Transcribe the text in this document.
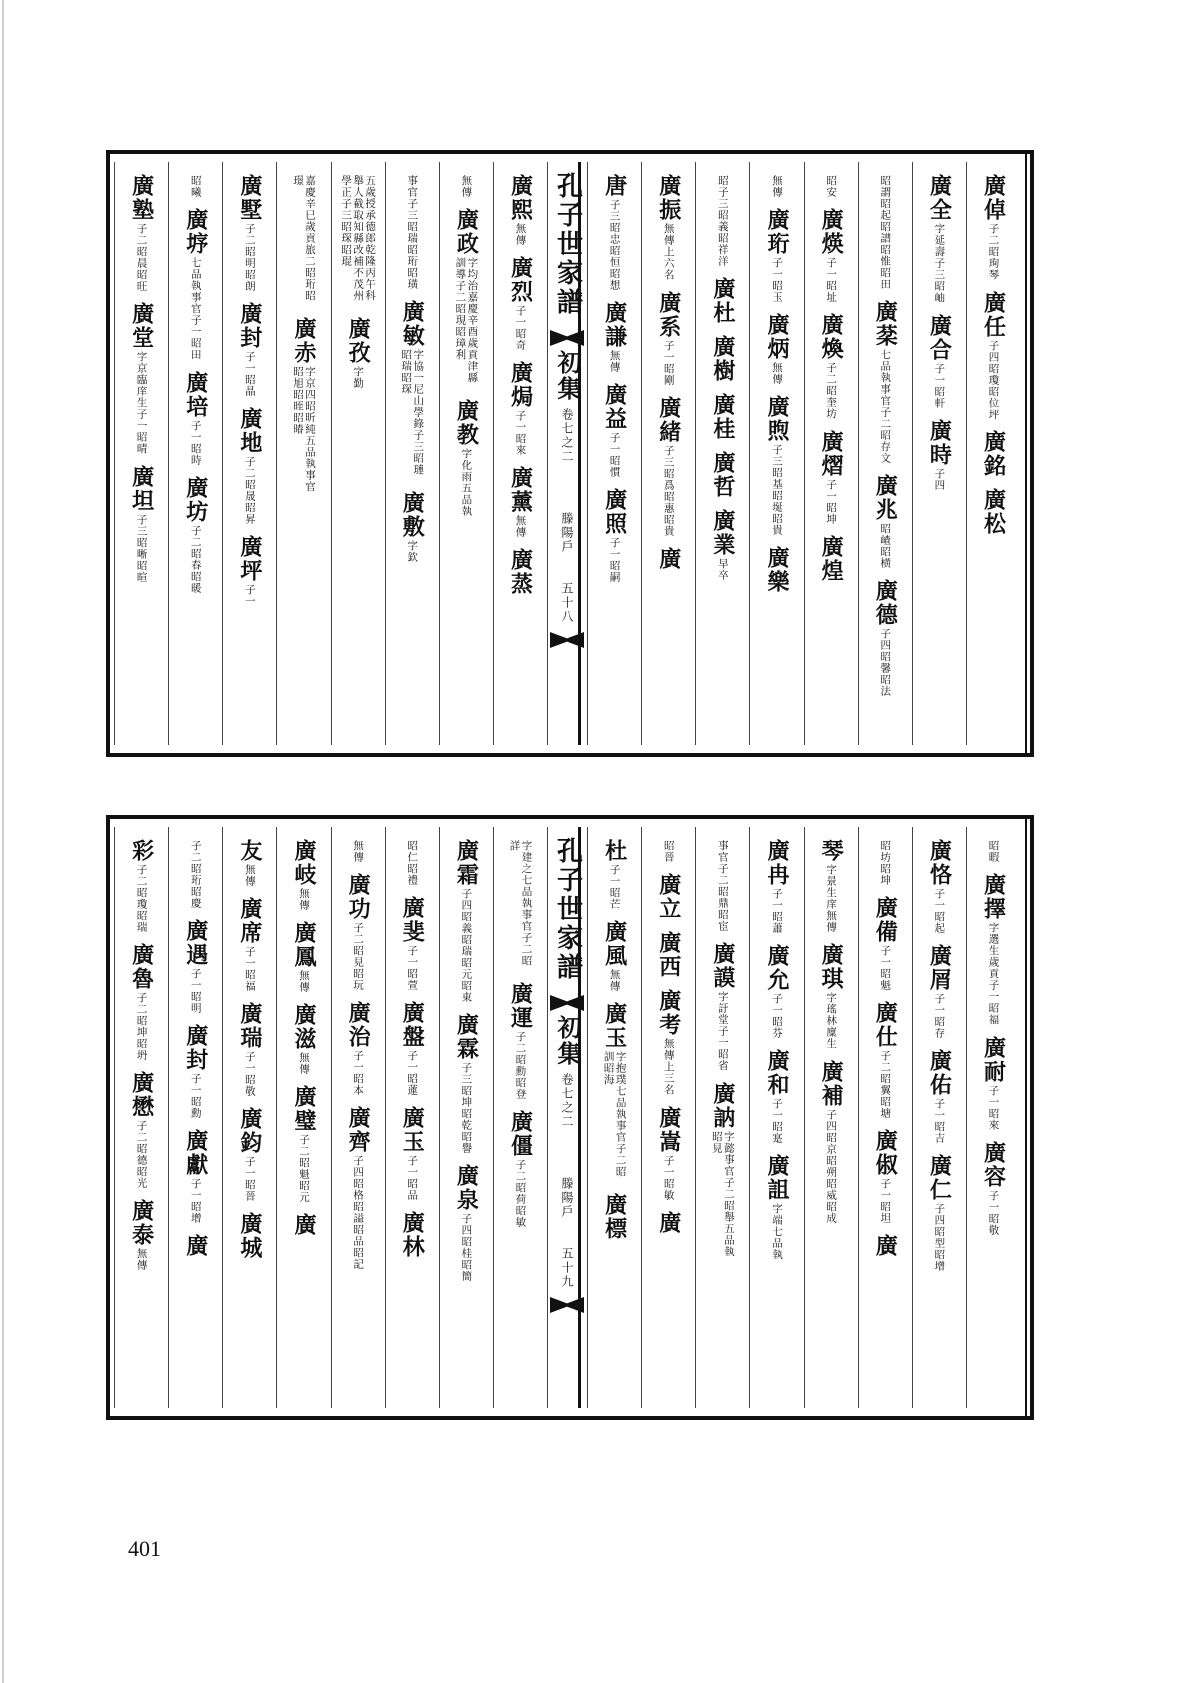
廣倬
子二昭珣琴
廣任
子四昭瓊昭位坪
廣銘
廣松
廣全
字延壽子三昭岫
廣合
子一昭軒
廣時
子四
昭謂昭起昭譜昭惟昭田
廣棻
七品執事官子二昭存文
廣兆
昭嵖昭横
廣德
子四昭馨昭法
昭安
廣煐
子一昭址
廣煥
子二昭奎坊
廣熠
子一昭坤
廣煌
無傳
廣珩
子一昭玉
廣炳
無傳
廣煦
子三昭基昭埏昭貴
廣樂
昭子三昭義昭祥洋
廣杜
廣樹
廣桂
廣哲
廣業
早卒
廣振
無傳上六名
廣系
子一昭剛
廣緒
子三昭爲昭惠昭貴
廣
唐
子三昭忠昭恒昭想
廣謙
無傳
廣益
子一昭慣
廣照
子一昭嗣
孔子世家譜
初集
卷七之二
滕陽戶
五十八
廣熙
無傳
廣烈
子一昭奇
廣焗
子一昭來
廣薰
無傳
廣蒸
無傳
廣政
字均治嘉慶辛酉歲貢津縣訓導子二昭現昭璋利
廣教
字化雨五品執
事官子三昭瑞昭珩昭璜
廣敏
字協一尼山學錄子三昭璉昭瑞昭琛
廣敷
字欽
五歲授承德郎乾隆丙午科舉人截取知縣改補不茂州學正子三昭琛昭琨
廣孜
字勤
嘉慶辛巳歲貢旅二昭珩昭璟
廣赤
字京四昭昕純五品執事官昭旭昭晊昭暙
廣墅
子二昭明昭朗
廣封
子一昭晶
廣地
子二昭晟昭昇
廣坪
子一
昭曦
廣垿
七品執事官子一昭田
廣培
子一昭時
廣坊
子二昭春昭暖
廣塾
子二昭晨昭旺
廣堂
字京臨庠生子一昭晴
廣坦
子三昭晰昭暄
昭暇
廣擇
字選生歲貢子一昭福
廣耐
子一昭來
廣容
子一昭敬
廣恪
子一昭起
廣屑
子一昭存
廣佑
子一昭吉
廣仁
子四昭型昭增
昭坊昭坤
廣備
子一昭魁
廣仕
子二昭翼昭塘
廣俶
子一昭坦
廣
琴
字景生庠無傳
廣琪
字瑤林廩生
廣補
子四昭京昭朔昭威昭成
廣冉
子一昭蕭
廣允
子一昭芬
廣和
子一昭寔
廣詛
字端七品執
事官子二昭鼎昭宦
廣謨
字訏堂子一昭省
廣訥
字懿事官子二昭舉五品執昭見
昭晉
廣立
廣西
廣考
無傳上三名
廣嵩
子一昭敏
廣
杜
子一昭芒
廣風
無傳
廣玉
字抱璞七品執事官子二昭訓昭海
廣標
孔子世家譜
初集
卷七之二
滕陽戶
五十九
字建之七品執事官子二昭詳
廣運
子二昭勳昭登
廣僵
子二昭荷昭敏
廣霜
子四昭義昭瑞昭元昭東
廣霖
子三昭坤昭乾昭譽
廣泉
子四昭桂昭簡
昭仁昭禮
廣斐
子一昭萱
廣盤
子一昭蓮
廣玉
子一昭品
廣林
無傳
廣功
子二昭見昭玩
廣治
子一昭本
廣齊
子四昭格昭謚昭品昭記
廣岐
無傳
廣鳳
無傳
廣滋
無傳
廣璧
子二昭魁昭元
廣
友
無傳
廣席
子一昭福
廣瑞
子一昭敬
廣鈞
子一昭晉
廣城
子二昭珩昭慶
廣遇
子一昭明
廣封
子一昭勳
廣獻
子一昭增
廣
彩
子二昭瓊昭瑞
廣魯
子二昭坤昭坍
廣懋
子二昭德昭光
廣泰
無傳
401
